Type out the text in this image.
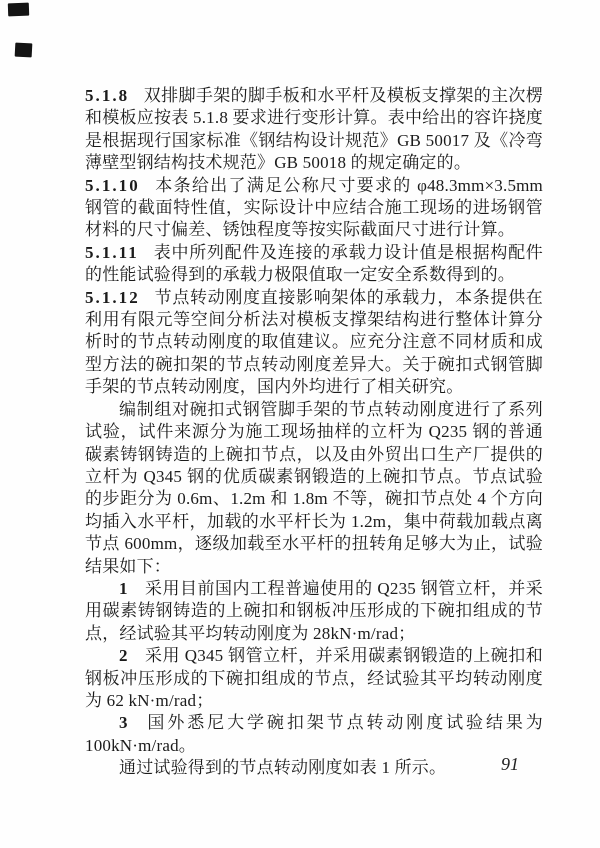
5.1.8 双排脚手架的脚手板和水平杆及模板支撑架的主次楞和模板应按表 5.1.8 要求进行变形计算。表中给出的容许挠度是根据现行国家标准《钢结构设计规范》GB 50017 及《冷弯薄壁型钢结构技术规范》GB 50018 的规定确定的。

5.1.10 本条给出了满足公称尺寸要求的 φ48.3mm×3.5mm 钢管的截面特性值，实际设计中应结合施工现场的进场钢管材料的尺寸偏差、锈蚀程度等按实际截面尺寸进行计算。

5.1.11 表中所列配件及连接的承载力设计值是根据构配件的性能试验得到的承载力极限值取一定安全系数得到的。

5.1.12 节点转动刚度直接影响架体的承载力，本条提供在利用有限元等空间分析法对模板支撑架结构进行整体计算分析时的节点转动刚度的取值建议。应充分注意不同材质和成型方法的碗扣架的节点转动刚度差异大。关于碗扣式钢管脚手架的节点转动刚度，国内外均进行了相关研究。

编制组对碗扣式钢管脚手架的节点转动刚度进行了系列试验，试件来源分为施工现场抽样的立杆为 Q235 钢的普通碳素铸钢铸造的上碗扣节点，以及由外贸出口生产厂提供的立杆为 Q345 钢的优质碳素钢锻造的上碗扣节点。节点试验的步距分为 0.6m、1.2m 和 1.8m 不等，碗扣节点处 4 个方向均插入水平杆，加载的水平杆长为 1.2m，集中荷载加载点离节点 600mm，逐级加载至水平杆的扭转角足够大为止，试验结果如下：

1 采用目前国内工程普遍使用的 Q235 钢管立杆，并采用碳素铸钢铸造的上碗扣和钢板冲压形成的下碗扣组成的节点，经试验其平均转动刚度为 28kN·m/rad；

2 采用 Q345 钢管立杆，并采用碳素钢锻造的上碗扣和钢板冲压形成的下碗扣组成的节点，经试验其平均转动刚度为 62 kN·m/rad；

3 国外悉尼大学碗扣架节点转动刚度试验结果为 100kN·m/rad。

通过试验得到的节点转动刚度如表 1 所示。	91
